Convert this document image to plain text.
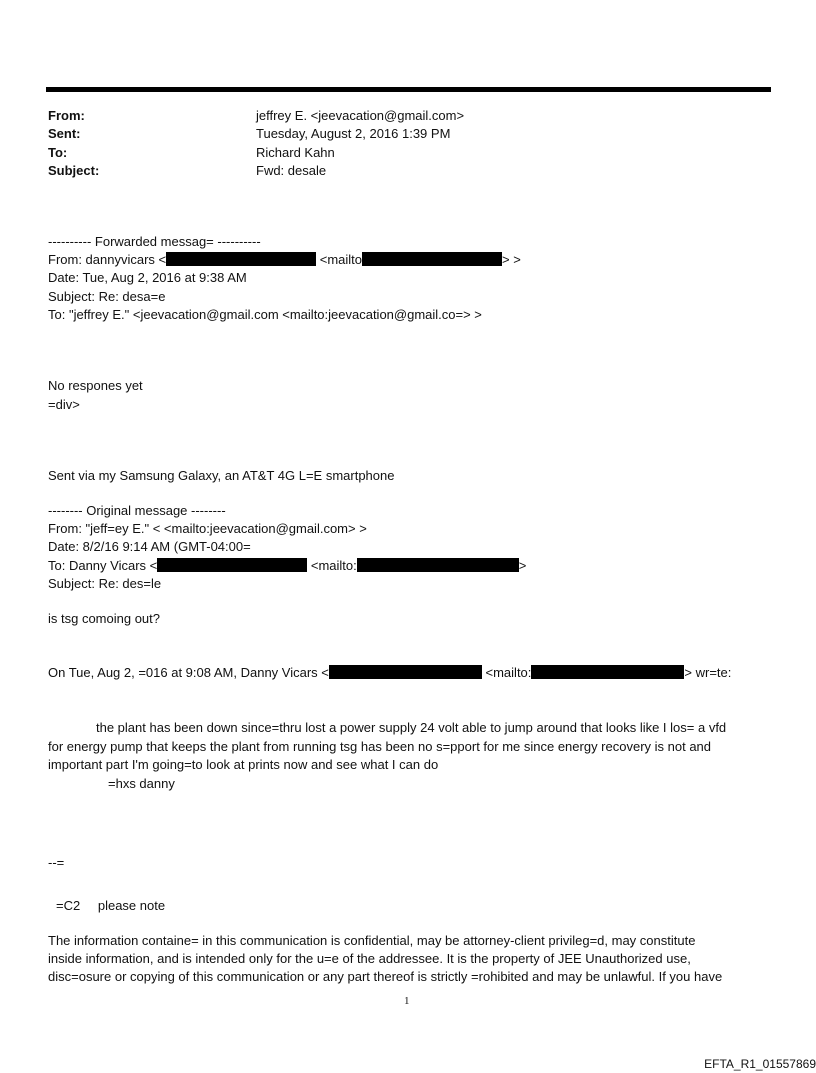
From:	jeffrey E. <jeevacation@gmail.com>
Sent:	Tuesday, August 2, 2016 1:39 PM
To:	Richard Kahn
Subject:	Fwd: desale
---------- Forwarded messag= ----------
From: dannyvicars <	<mailto	> >
Date: Tue, Aug 2, 2016 at 9:38 AM
Subject: Re: desa=e
To: "jeffrey E." <jeevacation@gmail.com <mailto:jeevacation@gmail.co=> >
No respones yet
=div>
Sent via my Samsung Galaxy, an AT&T 4G L=E smartphone
-------- Original message --------
From: "jeff=ey E." < <mailto:jeevacation@gmail.com> >
Date: 8/2/16 9:14 AM (GMT-04:00=
To: Danny Vicars <	<mailto:	>
Subject: Re: des=le
is tsg comoing out?
On Tue, Aug 2, =016 at 9:08 AM, Danny Vicars <	<mailto:	> wr=te:
the plant has been down since=thru lost a power supply 24 volt able to jump around that looks like I los= a vfd
for energy pump that keeps the plant from running tsg has been no s=pport for me since energy recovery is not and
important part I'm going=to look at prints now and see what I can do
=hxs danny
--=
=C2 please note
The information containe= in this communication is confidential, may be attorney-client privileg=d, may constitute
inside information, and is intended only for the u=e of the addressee. It is the property of JEE Unauthorized use,
disc=osure or copying of this communication or any part thereof is strictly =rohibited and may be unlawful. If you have
1
EFTA_R1_01557869
